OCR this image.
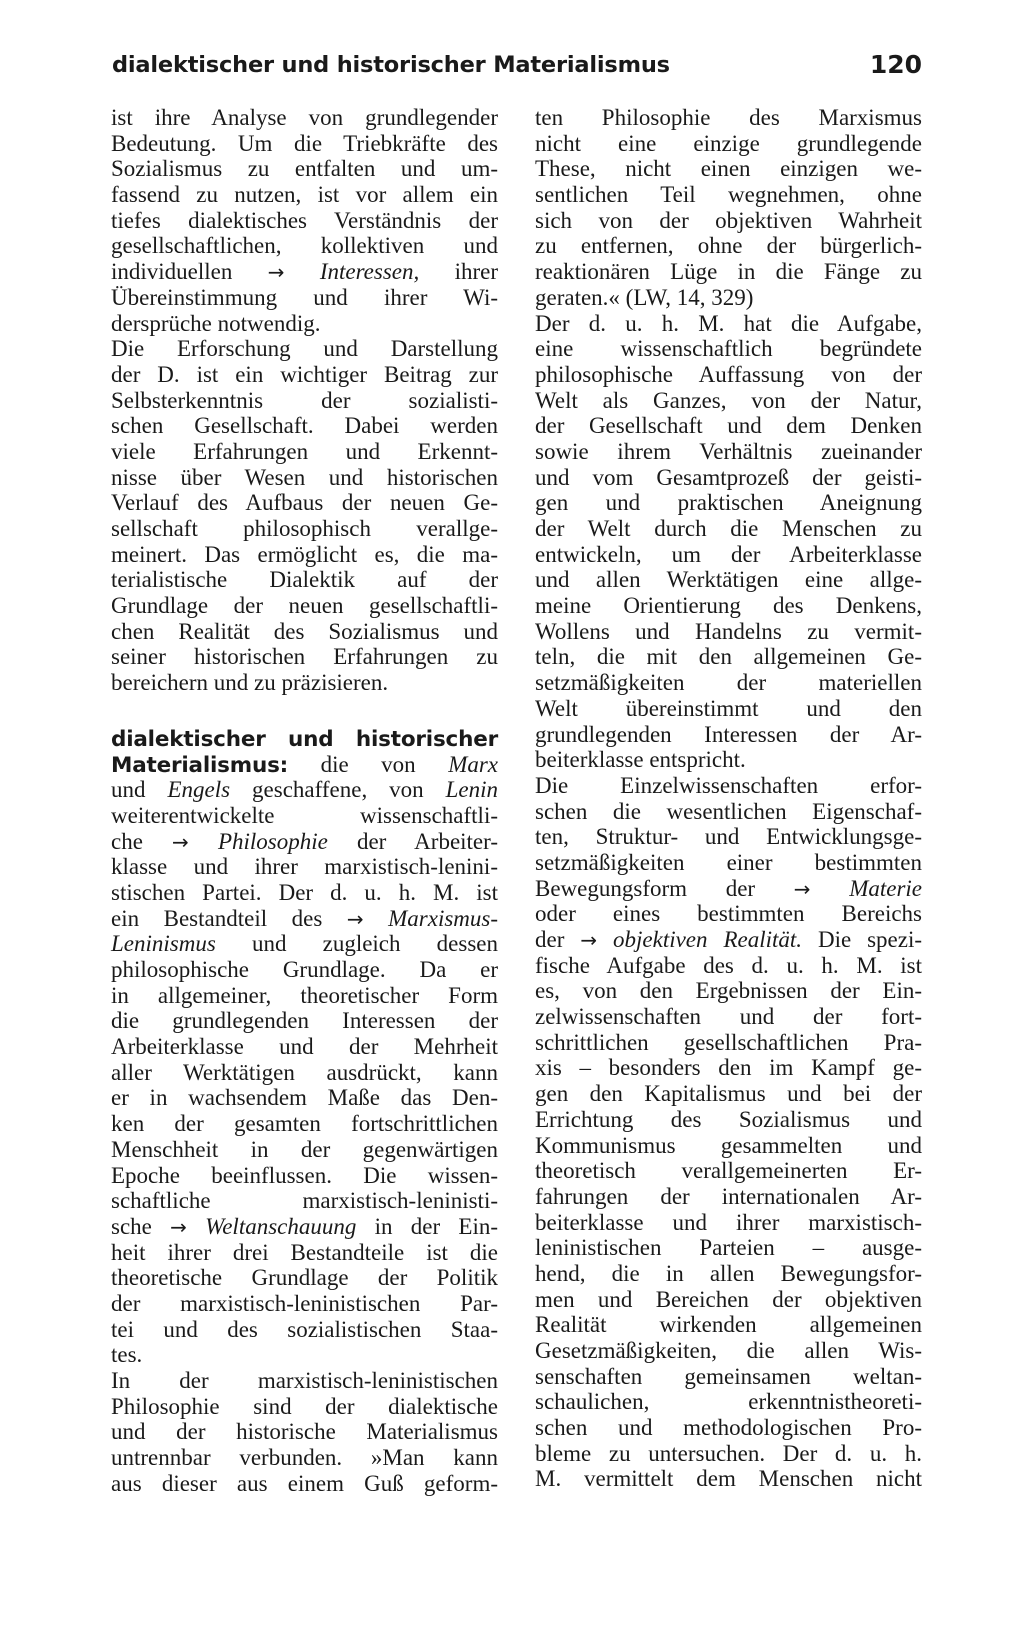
dialektischer und historischer Materialismus	120
ist ihre Analyse von grundlegender
Bedeutung. Um die Triebkräfte des
Sozialismus zu entfalten und um-
fassend zu nutzen, ist vor allem ein
tiefes dialektisches Verständnis der
gesellschaftlichen, kollektiven und
individuellen → Interessen, ihrer
Übereinstimmung und ihrer Wi-
dersprüche notwendig.
Die Erforschung und Darstellung
der D. ist ein wichtiger Beitrag zur
Selbsterkenntnis der sozialisti-
schen Gesellschaft. Dabei werden
viele Erfahrungen und Erkennt-
nisse über Wesen und historischen
Verlauf des Aufbaus der neuen Ge-
sellschaft philosophisch verallge-
meinert. Das ermöglicht es, die ma-
terialistische Dialektik auf der
Grundlage der neuen gesellschaftli-
chen Realität des Sozialismus und
seiner historischen Erfahrungen zu
bereichern und zu präzisieren.
dialektischer und historischer
Materialismus: die von Marx
und Engels geschaffene, von Lenin
weiterentwickelte wissenschaftli-
che → Philosophie der Arbeiter-
klasse und ihrer marxistisch-lenini-
stischen Partei. Der d. u. h. M. ist
ein Bestandteil des → Marxismus-
Leninismus und zugleich dessen
philosophische Grundlage. Da er
in allgemeiner, theoretischer Form
die grundlegenden Interessen der
Arbeiterklasse und der Mehrheit
aller Werktätigen ausdrückt, kann
er in wachsendem Maße das Den-
ken der gesamten fortschrittlichen
Menschheit in der gegenwärtigen
Epoche beeinflussen. Die wissen-
schaftliche marxistisch-leninisti-
sche → Weltanschauung in der Ein-
heit ihrer drei Bestandteile ist die
theoretische Grundlage der Politik
der marxistisch-leninistischen Par-
tei und des sozialistischen Staa-
tes.
In der marxistisch-leninistischen
Philosophie sind der dialektische
und der historische Materialismus
untrennbar verbunden. »Man kann
aus dieser aus einem Guß geform-
ten Philosophie des Marxismus
nicht eine einzige grundlegende
These, nicht einen einzigen we-
sentlichen Teil wegnehmen, ohne
sich von der objektiven Wahrheit
zu entfernen, ohne der bürgerlich-
reaktionären Lüge in die Fänge zu
geraten.« (LW, 14, 329)
Der d. u. h. M. hat die Aufgabe,
eine wissenschaftlich begründete
philosophische Auffassung von der
Welt als Ganzes, von der Natur,
der Gesellschaft und dem Denken
sowie ihrem Verhältnis zueinander
und vom Gesamtprozeß der geisti-
gen und praktischen Aneignung
der Welt durch die Menschen zu
entwickeln, um der Arbeiterklasse
und allen Werktätigen eine allge-
meine Orientierung des Denkens,
Wollens und Handelns zu vermit-
teln, die mit den allgemeinen Ge-
setzmäßigkeiten der materiellen
Welt übereinstimmt und den
grundlegenden Interessen der Ar-
beiterklasse entspricht.
Die Einzelwissenschaften erfor-
schen die wesentlichen Eigenschaf-
ten, Struktur- und Entwicklungsge-
setzmäßigkeiten einer bestimmten
Bewegungsform der → Materie
oder eines bestimmten Bereichs
der → objektiven Realität. Die spezi-
fische Aufgabe des d. u. h. M. ist
es, von den Ergebnissen der Ein-
zelwissenschaften und der fort-
schrittlichen gesellschaftlichen Pra-
xis – besonders den im Kampf ge-
gen den Kapitalismus und bei der
Errichtung des Sozialismus und
Kommunismus gesammelten und
theoretisch verallgemeinerten Er-
fahrungen der internationalen Ar-
beiterklasse und ihrer marxistisch-
leninistischen Parteien – ausge-
hend, die in allen Bewegungsfor-
men und Bereichen der objektiven
Realität wirkenden allgemeinen
Gesetzmäßigkeiten, die allen Wis-
senschaften gemeinsamen weltan-
schaulichen, erkenntnistheoreti-
schen und methodologischen Pro-
bleme zu untersuchen. Der d. u. h.
M. vermittelt dem Menschen nicht
